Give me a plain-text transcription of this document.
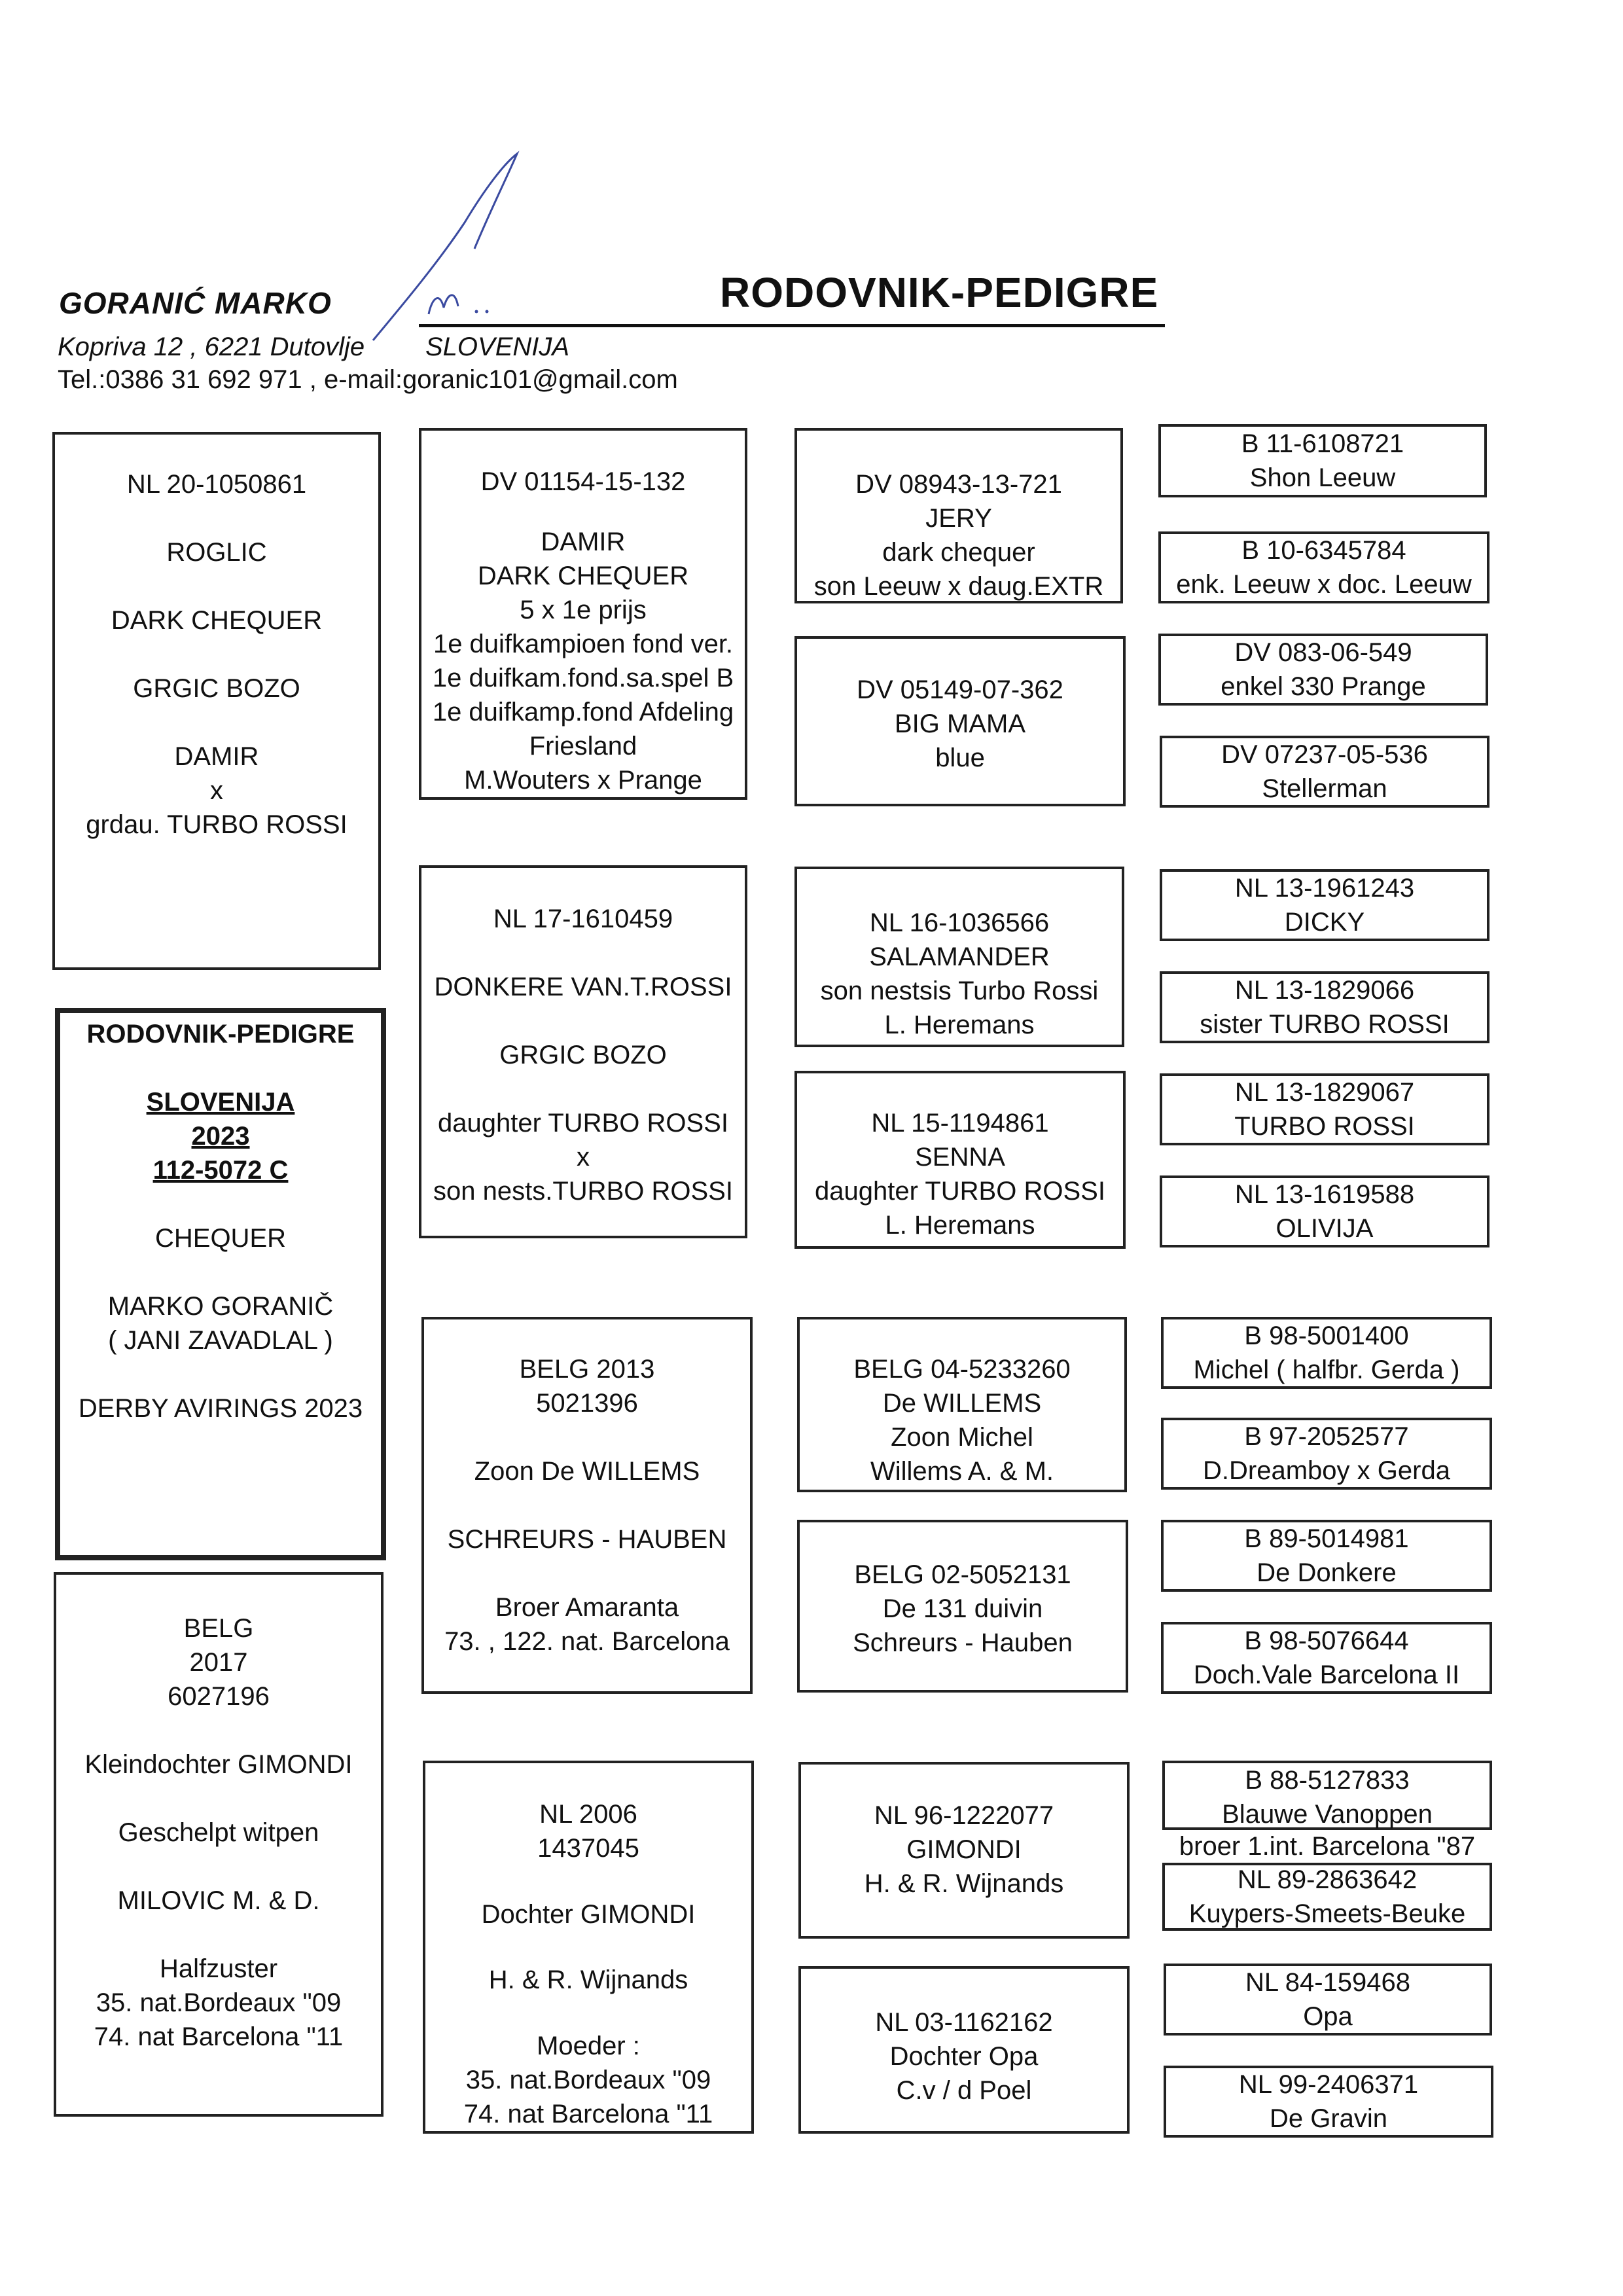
GORANIĆ MARKO	RODOVNIK-PEDIGRE
Kopriva 12 , 6221 Dutovlje SLOVENIJA
Tel.:0386 31 692 971 , e-mail:goranic101@gmail.com
NL 20-1050861
ROGLIC
DARK CHEQUER
GRGIC BOZO
DAMIR
x
grdau. TURBO ROSSI
RODOVNIK-PEDIGRE
SLOVENIJA
2023
112-5072 C
CHEQUER
MARKO GORANIČ
( JANI ZAVADLAL )
DERBY AVIRINGS 2023
BELG
2017
6027196
Kleindochter GIMONDI
Geschelpt witpen
MILOVIC M. & D.
Halfzuster
35. nat.Bordeaux "09
74. nat Barcelona "11
DV 01154-15-132
DAMIR
DARK CHEQUER
5 x 1e prijs
1e duifkampioen fond ver.
1e duifkam.fond.sa.spel B
1e duifkamp.fond Afdeling
Friesland
M.Wouters x Prange
NL 17-1610459
DONKERE VAN.T.ROSSI
GRGIC BOZO
daughter TURBO ROSSI
x
son nests.TURBO ROSSI
BELG 2013
5021396
Zoon De WILLEMS
SCHREURS - HAUBEN
Broer Amaranta
73. , 122. nat. Barcelona
NL 2006
1437045
Dochter GIMONDI
H. & R. Wijnands
Moeder :
35. nat.Bordeaux "09
74. nat Barcelona "11
DV 08943-13-721
JERY
dark chequer
son Leeuw x daug.EXTR
DV 05149-07-362
BIG MAMA
blue
NL 16-1036566
SALAMANDER
son nestsis Turbo Rossi
L. Heremans
NL 15-1194861
SENNA
daughter TURBO ROSSI
L. Heremans
BELG 04-5233260
De WILLEMS
Zoon Michel
Willems A. & M.
BELG 02-5052131
De 131 duivin
Schreurs - Hauben
NL 96-1222077
GIMONDI
H. & R. Wijnands
NL 03-1162162
Dochter Opa
C.v / d Poel
B 11-6108721
Shon Leeuw
B 10-6345784
enk. Leeuw x doc. Leeuw
DV 083-06-549
enkel 330 Prange
DV 07237-05-536
Stellerman
NL 13-1961243
DICKY
NL 13-1829066
sister TURBO ROSSI
NL 13-1829067
TURBO ROSSI
NL 13-1619588
OLIVIJA
B 98-5001400
Michel ( halfbr. Gerda )
B 97-2052577
D.Dreamboy x Gerda
B 89-5014981
De Donkere
B 98-5076644
Doch.Vale Barcelona II
B 88-5127833
Blauwe Vanoppen
broer 1.int. Barcelona "87
NL 89-2863642
Kuypers-Smeets-Beuke
NL 84-159468
Opa
NL 99-2406371
De Gravin
